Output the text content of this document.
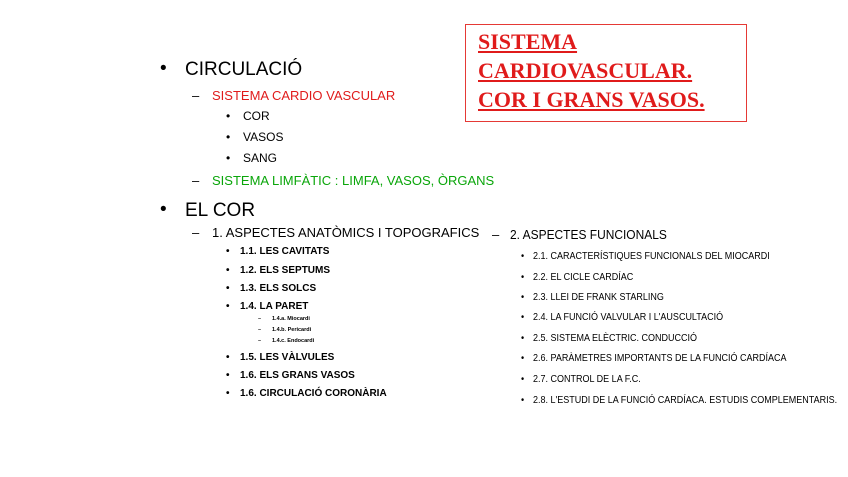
SISTEMA
CARDIOVASCULAR.
COR I GRANS VASOS.
• CIRCULACIÓ
– SISTEMA CARDIO VASCULAR
• COR
• VASOS
• SANG
– SISTEMA LIMFÀTIC : LIMFA, VASOS, ÒRGANS
• EL COR
– 1. ASPECTES ANATÒMICS I TOPOGRAFICS
• 1.1. LES CAVITATS
• 1.2. ELS SEPTUMS
• 1.3. ELS SOLCS
• 1.4. LA PARET
– 1.4.a. Miocardi
– 1.4.b. Pericardi
– 1.4.c. Endocardi
• 1.5. LES VÀLVULES
• 1.6. ELS GRANS VASOS
• 1.6. CIRCULACIÓ CORONÀRIA
– 2. ASPECTES FUNCIONALS
• 2.1. CARACTERÍSTIQUES FUNCIONALS DEL MIOCARDI
• 2.2. EL CICLE CARDÍAC
• 2.3. LLEI DE FRANK STARLING
• 2.4. LA FUNCIÓ VALVULAR I L'AUSCULTACIÓ
• 2.5. SISTEMA ELÈCTRIC. CONDUCCIÓ
• 2.6. PARÀMETRES IMPORTANTS DE LA FUNCIÓ CARDÍACA
• 2.7. CONTROL DE LA F.C.
• 2.8. L'ESTUDI DE LA FUNCIÓ CARDÍACA. ESTUDIS COMPLEMENTARIS.
